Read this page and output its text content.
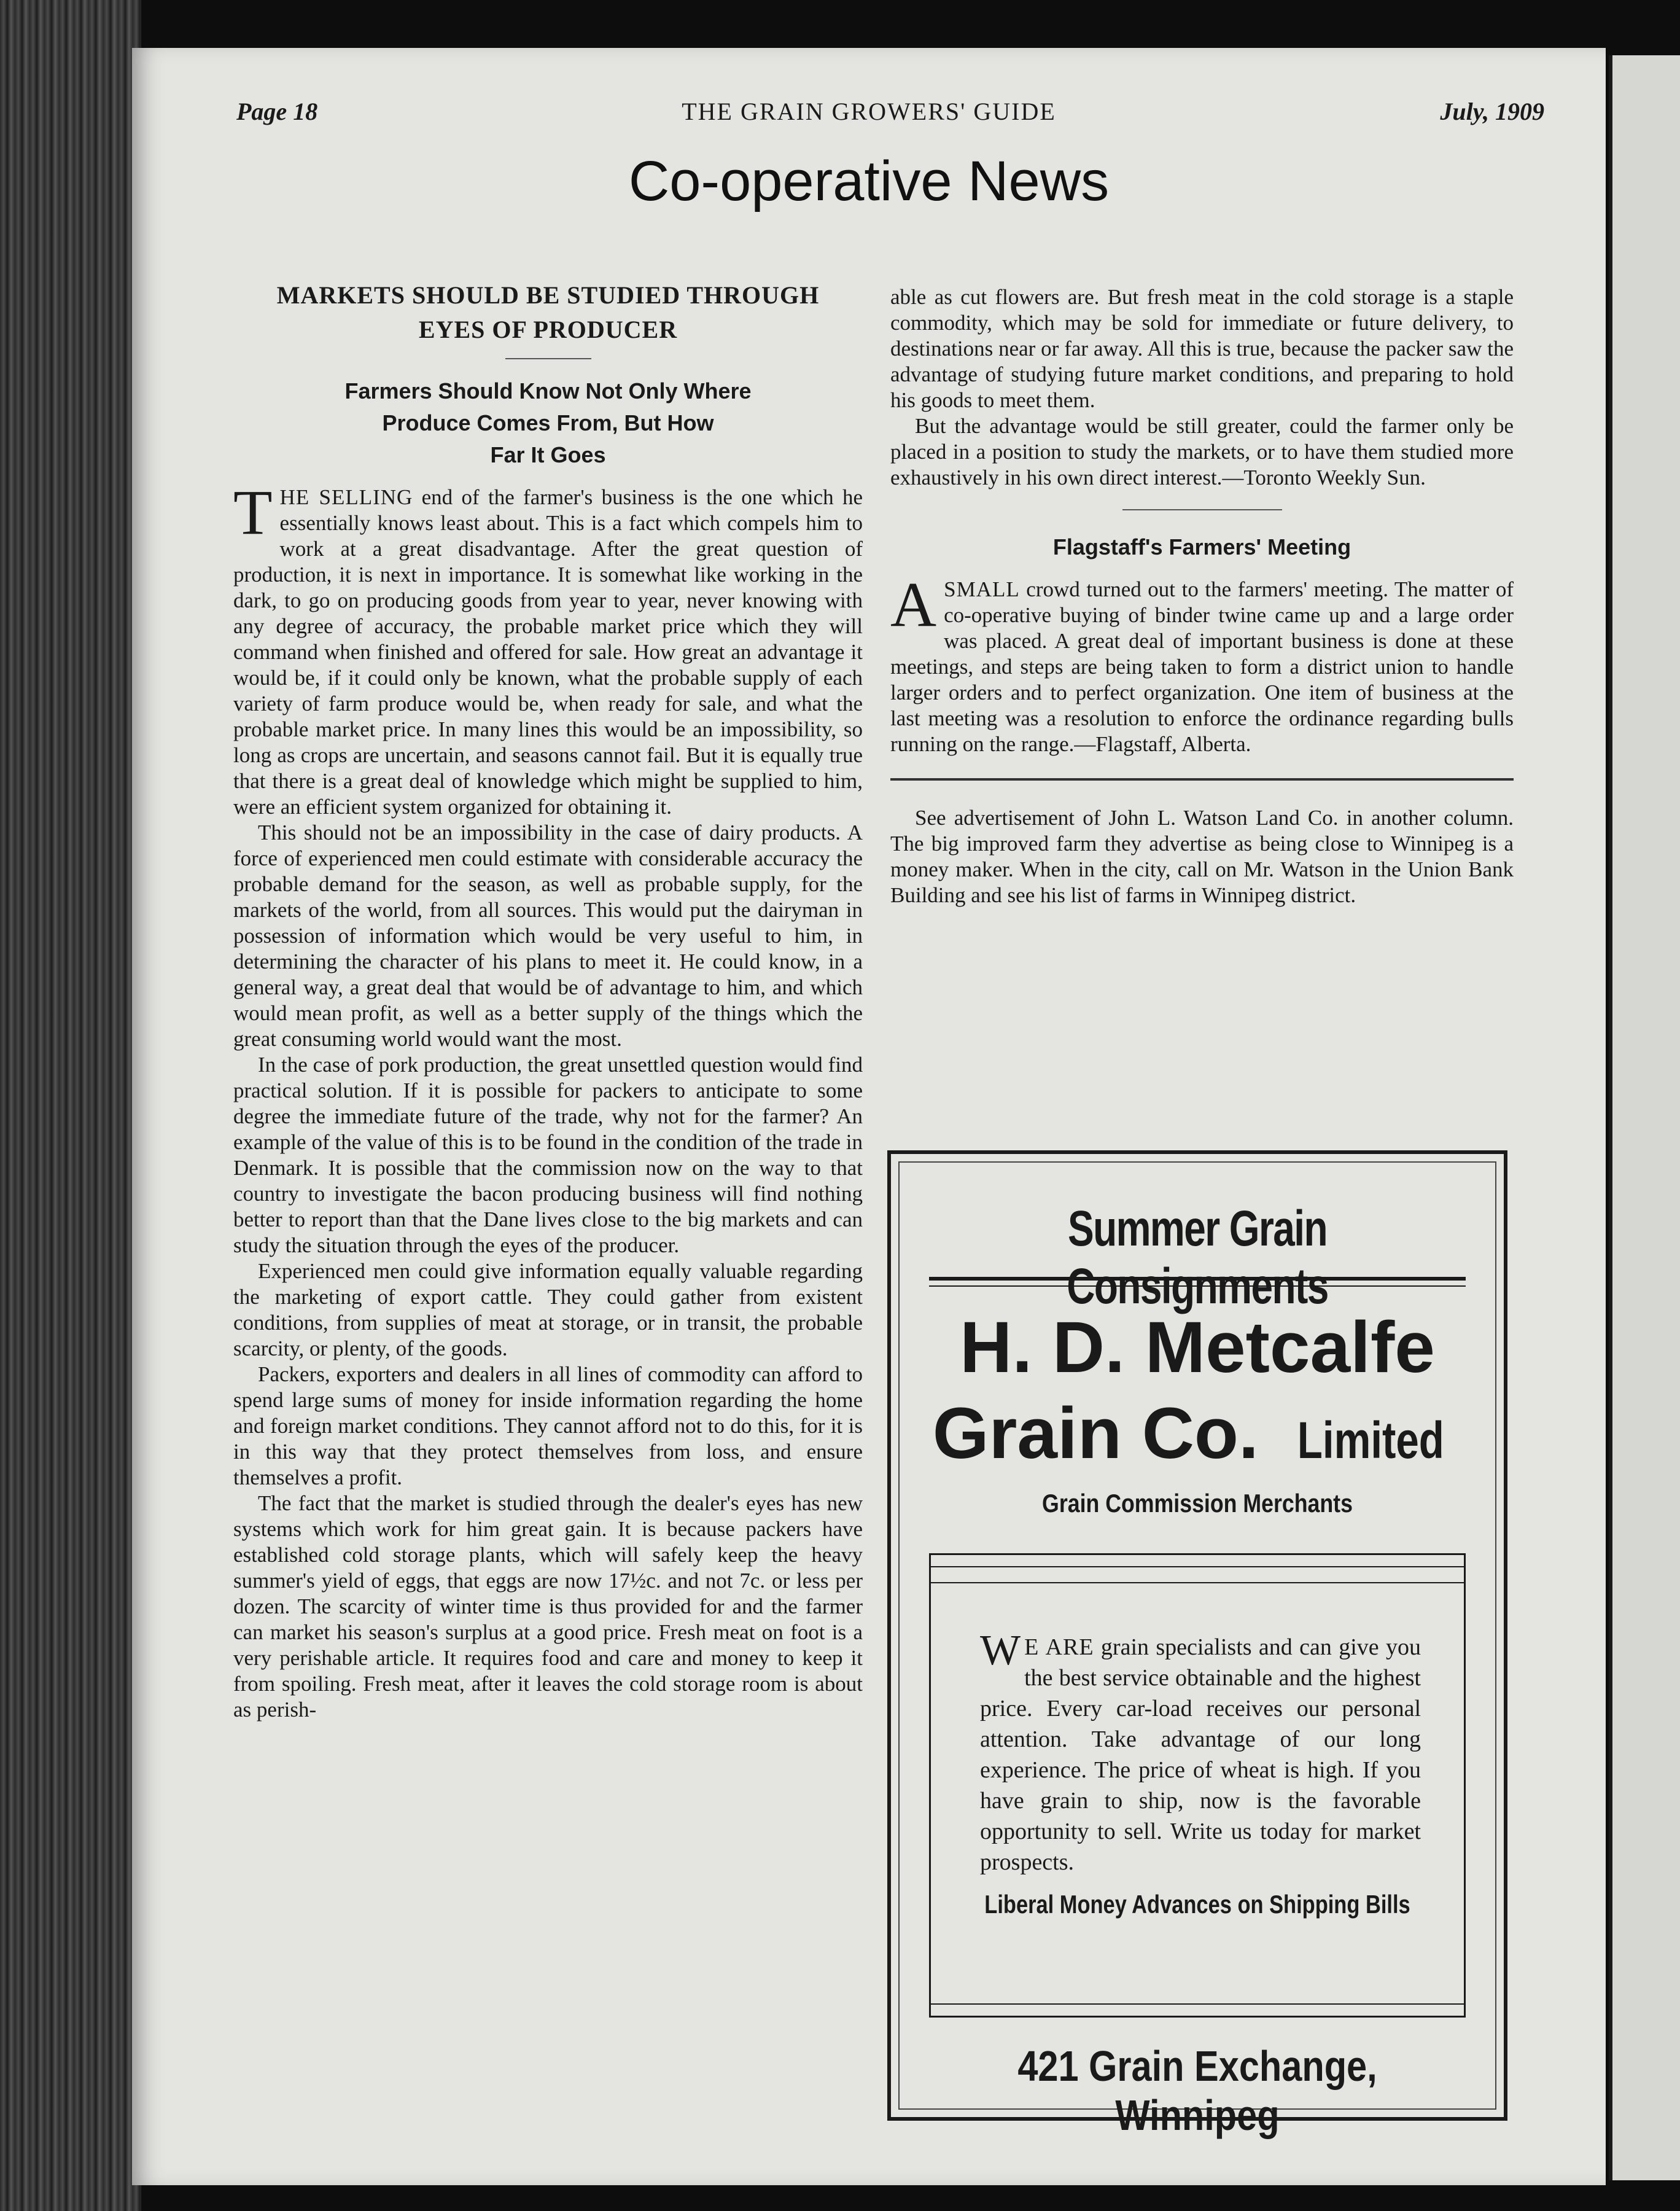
Page 18	THE GRAIN GROWERS' GUIDE	July, 1909
Co-operative News
MARKETS SHOULD BE STUDIED THROUGH
EYES OF PRODUCER
Farmers Should Know Not Only Where
Produce Comes From, But How
Far It Goes

THE SELLING end of the farmer's business is the one which he essentially knows least about. This is a fact which compels him to work at a great disadvantage. After the great question of production, it is next in importance. It is somewhat like working in the dark, to go on producing goods from year to year, never knowing with any degree of accuracy, the probable market price which they will command when finished and offered for sale. How great an advantage it would be, if it could only be known, what the probable supply of each variety of farm produce would be, when ready for sale, and what the probable market price. In many lines this would be an impossibility, so long as crops are uncertain, and seasons cannot fail. But it is equally true that there is a great deal of knowledge which might be supplied to him, were an efficient system organized for obtaining it.

This should not be an impossibility in the case of dairy products. A force of experienced men could estimate with considerable accuracy the probable demand for the season, as well as probable supply, for the markets of the world, from all sources. This would put the dairyman in possession of information which would be very useful to him, in determining the character of his plans to meet it. He could know, in a general way, a great deal that would be of advantage to him, and which would mean profit, as well as a better supply of the things which the great consuming world would want the most.

In the case of pork production, the great unsettled question would find practical solution. If it is possible for packers to anticipate to some degree the immediate future of the trade, why not for the farmer? An example of the value of this is to be found in the condition of the trade in Denmark. It is possible that the commission now on the way to that country to investigate the bacon producing business will find nothing better to report than that the Dane lives close to the big markets and can study the situation through the eyes of the producer.

Experienced men could give information equally valuable regarding the marketing of export cattle. They could gather from existent conditions, from supplies of meat at storage, or in transit, the probable scarcity, or plenty, of the goods.

Packers, exporters and dealers in all lines of commodity can afford to spend large sums of money for inside information regarding the home and foreign market conditions. They cannot afford not to do this, for it is in this way that they protect themselves from loss, and ensure themselves a profit.

The fact that the market is studied through the dealer's eyes has new systems which work for him great gain. It is because packers have established cold storage plants, which will safely keep the heavy summer's yield of eggs, that eggs are now 17½c. and not 7c. or less per dozen. The scarcity of winter time is thus provided for and the farmer can market his season's surplus at a good price. Fresh meat on foot is a very perishable article. It requires food and care and money to keep it from spoiling. Fresh meat, after it leaves the cold storage room is about as perish-

able as cut flowers are. But fresh meat in the cold storage is a staple commodity, which may be sold for immediate or future delivery, to destinations near or far away. All this is true, because the packer saw the advantage of studying future market conditions, and preparing to hold his goods to meet them.

But the advantage would be still greater, could the farmer only be placed in a position to study the markets, or to have them studied more exhaustively in his own direct interest.—Toronto Weekly Sun.

Flagstaff's Farmers' Meeting

A SMALL crowd turned out to the farmers' meeting. The matter of co-operative buying of binder twine came up and a large order was placed. A great deal of important business is done at these meetings, and steps are being taken to form a district union to handle larger orders and to perfect organization. One item of business at the last meeting was a resolution to enforce the ordinance regarding bulls running on the range.—Flagstaff, Alberta.

See advertisement of John L. Watson Land Co. in another column. The big improved farm they advertise as being close to Winnipeg is a money maker. When in the city, call on Mr. Watson in the Union Bank Building and see his list of farms in Winnipeg district.

Summer Grain Consignments
H. D. Metcalfe
Grain Co. Limited
Grain Commission Merchants
W E ARE grain specialists and can give you the best service obtainable and the highest price. Every car-load receives our personal attention. Take advantage of our long experience. The price of wheat is high. If you have grain to ship, now is the favorable opportunity to sell. Write us today for market prospects.
Liberal Money Advances on Shipping Bills
421 Grain Exchange, Winnipeg
